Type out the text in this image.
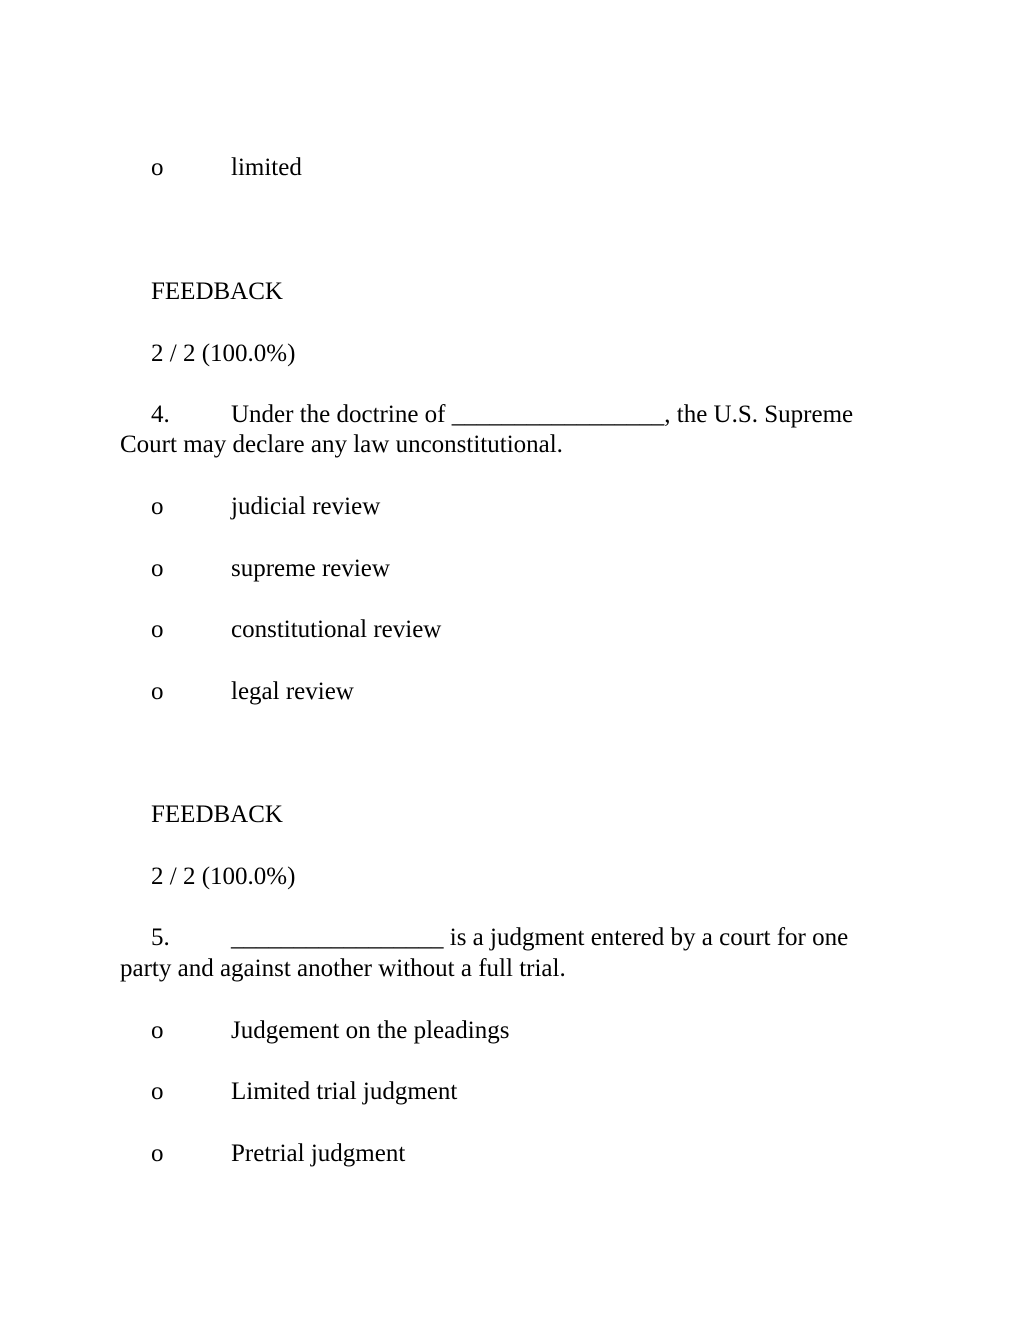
o	limited
FEEDBACK
2 / 2 (100.0%)
4. Under the doctrine of _________________, the U.S. Supreme
Court may declare any law unconstitutional.
o	judicial review
o	supreme review
o	constitutional review
o	legal review
FEEDBACK
2 / 2 (100.0%)
5. _________________ is a judgment entered by a court for one
party and against another without a full trial.
o	Judgement on the pleadings
o	Limited trial judgment
o	Pretrial judgment
